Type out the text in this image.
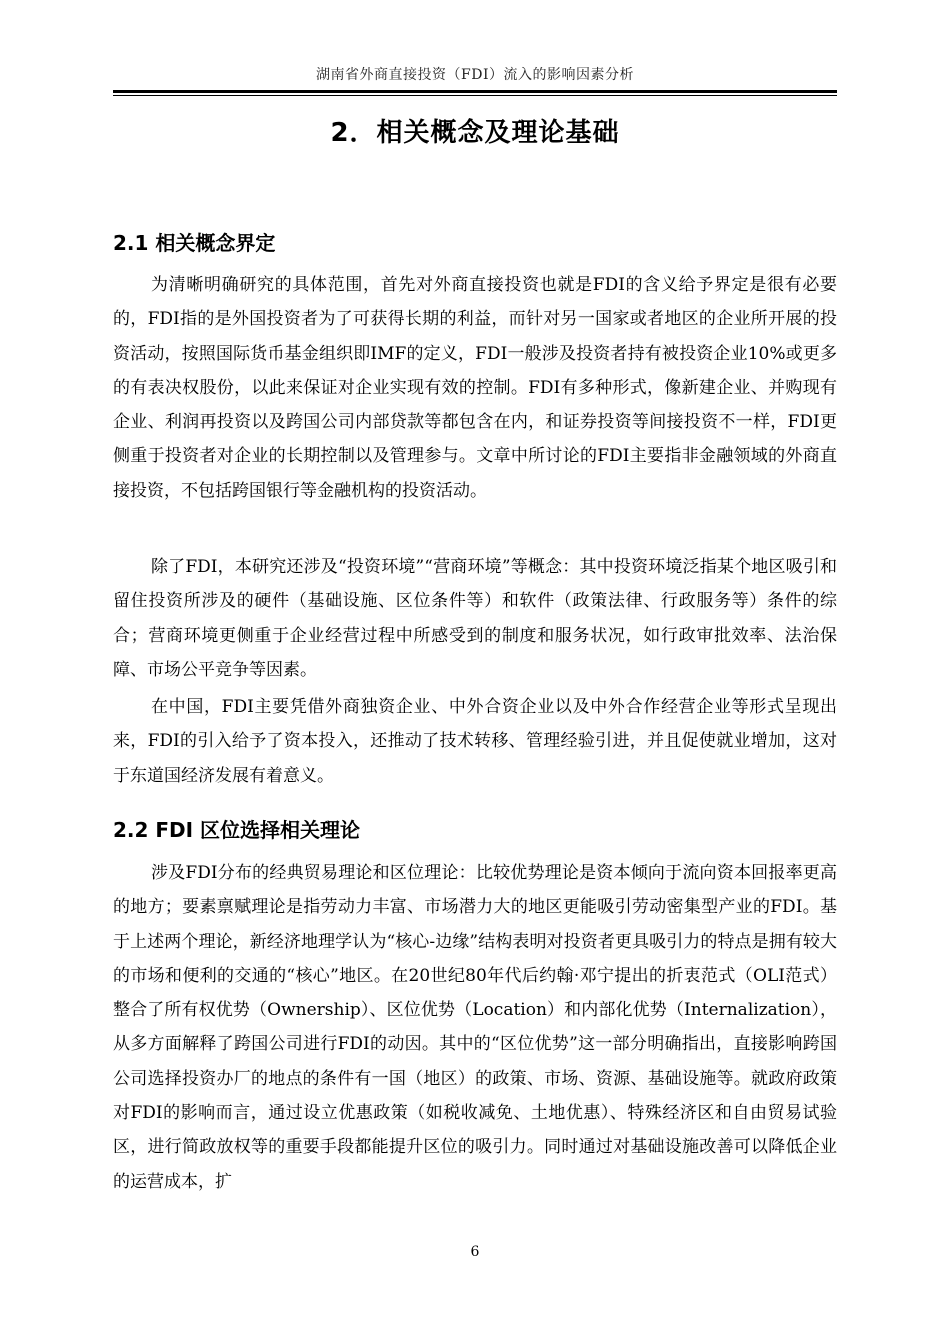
湖南省外商直接投资（FDI）流入的影响因素分析
2．相关概念及理论基础
2.1 相关概念界定

为清晰明确研究的具体范围，首先对外商直接投资也就是FDI的含义给予界定是很有必要的，FDI指的是外国投资者为了可获得长期的利益，而针对另一国家或者地区的企业所开展的投资活动，按照国际货币基金组织即IMF的定义，FDI一般涉及投资者持有被投资企业10%或更多的有表决权股份，以此来保证对企业实现有效的控制。FDI有多种形式，像新建企业、并购现有企业、利润再投资以及跨国公司内部贷款等都包含在内，和证券投资等间接投资不一样，FDI更侧重于投资者对企业的长期控制以及管理参与。文章中所讨论的FDI主要指非金融领域的外商直接投资，不包括跨国银行等金融机构的投资活动。

除了FDI，本研究还涉及“投资环境”“营商环境”等概念：其中投资环境泛指某个地区吸引和留住投资所涉及的硬件（基础设施、区位条件等）和软件（政策法律、行政服务等）条件的综合；营商环境更侧重于企业经营过程中所感受到的制度和服务状况，如行政审批效率、法治保障、市场公平竞争等因素。

在中国，FDI主要凭借外商独资企业、中外合资企业以及中外合作经营企业等形式呈现出来，FDI的引入给予了资本投入，还推动了技术转移、管理经验引进，并且促使就业增加，这对于东道国经济发展有着意义。

2.2 FDI 区位选择相关理论

涉及FDI分布的经典贸易理论和区位理论：比较优势理论是资本倾向于流向资本回报率更高的地方；要素禀赋理论是指劳动力丰富、市场潜力大的地区更能吸引劳动密集型产业的FDI。基于上述两个理论，新经济地理学认为“核心-边缘”结构表明对投资者更具吸引力的特点是拥有较大的市场和便利的交通的“核心”地区。在20世纪80年代后约翰·邓宁提出的折衷范式（OLI范式）整合了所有权优势（Ownership）、区位优势（Location）和内部化优势（Internalization），从多方面解释了跨国公司进行FDI的动因。其中的“区位优势”这一部分明确指出，直接影响跨国公司选择投资办厂的地点的条件有一国（地区）的政策、市场、资源、基础设施等。就政府政策对FDI的影响而言，通过设立优惠政策（如税收减免、土地优惠）、特殊经济区和自由贸易试验区，进行简政放权等的重要手段都能提升区位的吸引力。同时通过对基础设施改善可以降低企业的运营成本，扩

6
